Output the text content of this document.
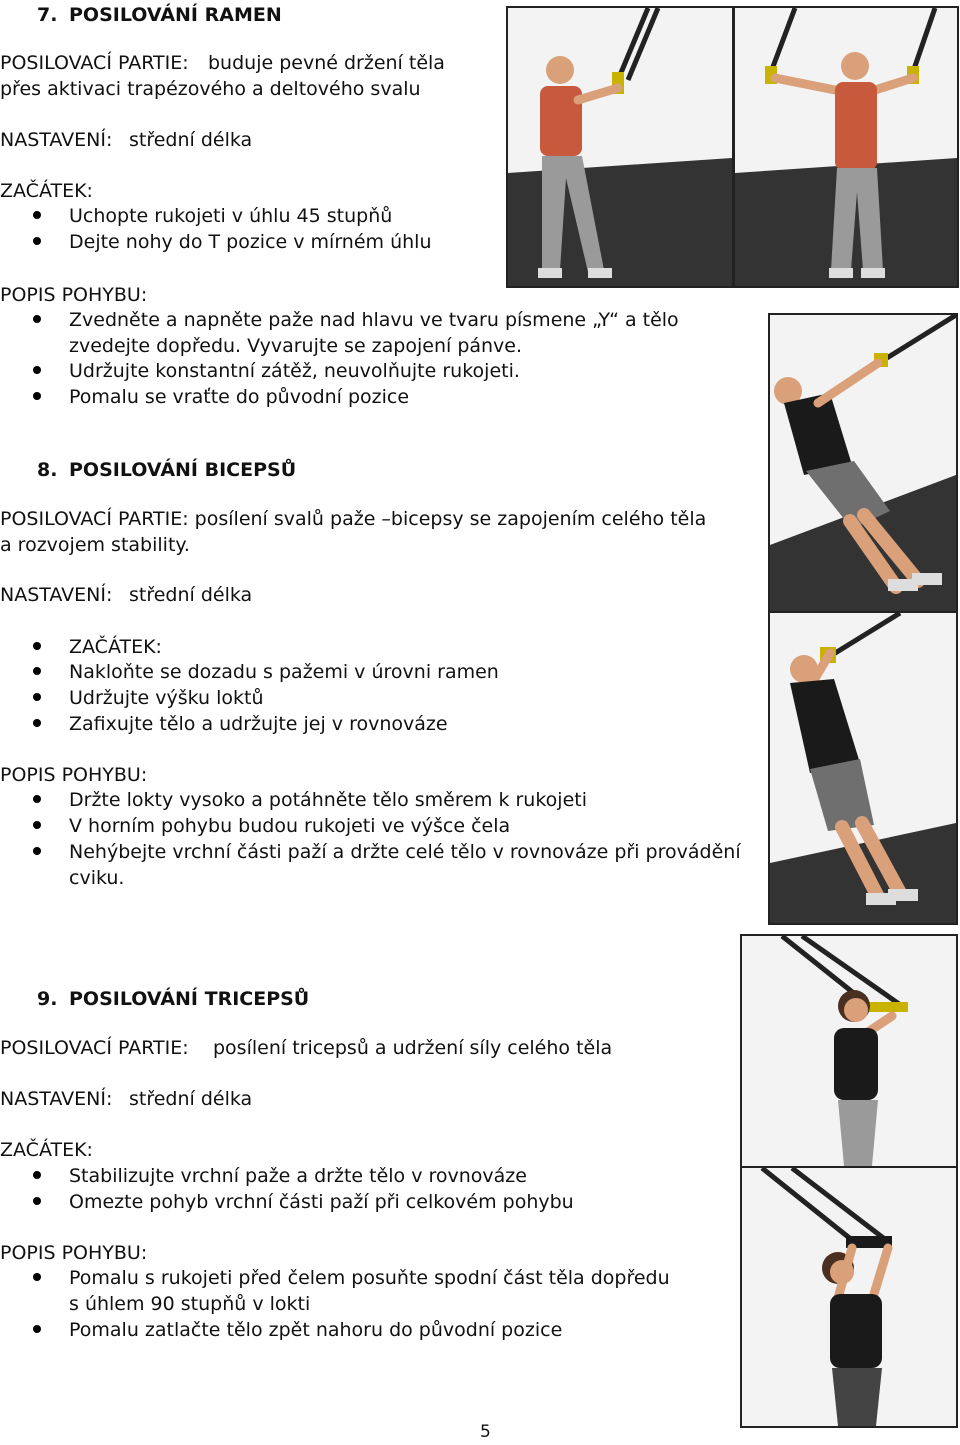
7. POSILOVÁNÍ RAMEN
POSILOVACÍ PARTIE: buduje pevné držení těla
přes aktivaci trapézového a deltového svalu
NASTAVENÍ: střední délka
ZAČÁTEK:
Uchopte rukojeti v úhlu 45 stupňů
Dejte nohy do T pozice v mírném úhlu
POPIS POHYBU:
Zvedněte a napněte paže nad hlavu ve tvaru písmene „Y“ a tělo
zvedejte dopředu. Vyvarujte se zapojení pánve.
Udržujte konstantní zátěž, neuvolňujte rukojeti.
Pomalu se vraťte do původní pozice
8. POSILOVÁNÍ BICEPSŮ
POSILOVACÍ PARTIE: posílení svalů paže –bicepsy se zapojením celého těla
a rozvojem stability.
NASTAVENÍ: střední délka
ZAČÁTEK:
Nakloňte se dozadu s pažemi v úrovni ramen
Udržujte výšku loktů
Zafixujte tělo a udržujte jej v rovnováze
POPIS POHYBU:
Držte lokty vysoko a potáhněte tělo směrem k rukojeti
V horním pohybu budou rukojeti ve výšce čela
Nehýbejte vrchní části paží a držte celé tělo v rovnováze při provádění
cviku.
9. POSILOVÁNÍ TRICEPSŮ
POSILOVACÍ PARTIE: posílení tricepsů a udržení síly celého těla
NASTAVENÍ: střední délka
ZAČÁTEK:
Stabilizujte vrchní paže a držte tělo v rovnováze
Omezte pohyb vrchní části paží při celkovém pohybu
POPIS POHYBU:
Pomalu s rukojeti před čelem posuňte spodní část těla dopředu
s úhlem 90 stupňů v lokti
Pomalu zatlačte tělo zpět nahoru do původní pozice
5
